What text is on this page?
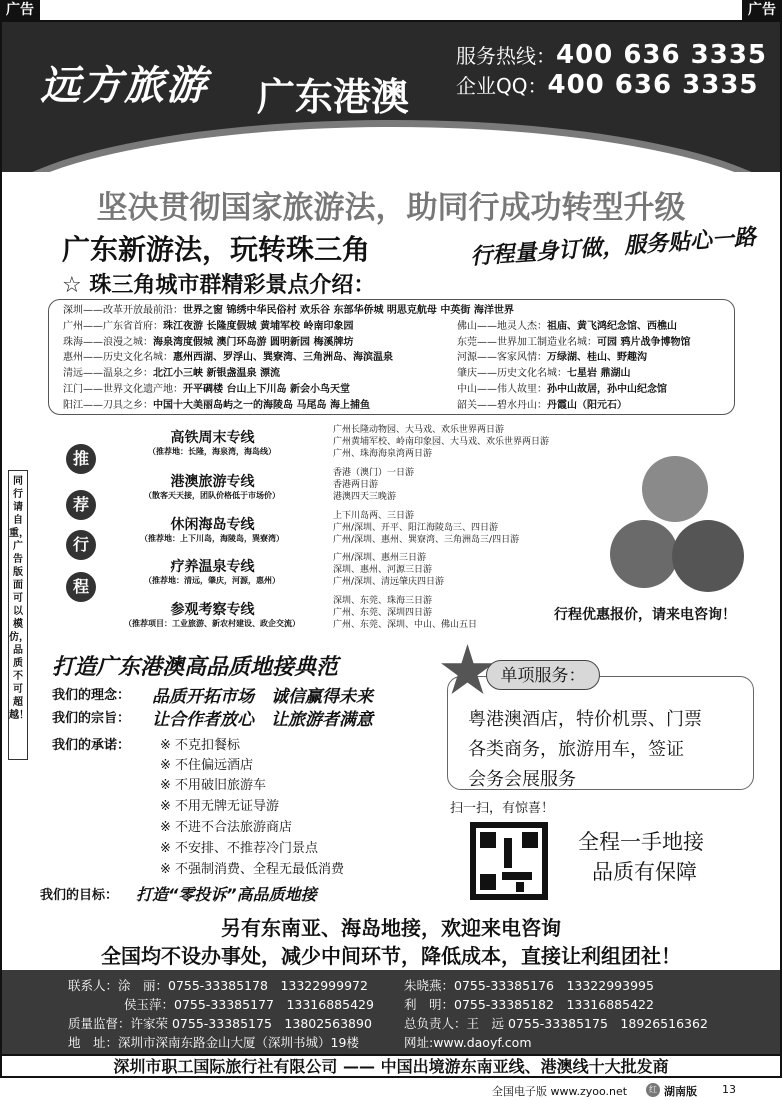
广告	广告
远方旅游 广东港澳
服务热线：400 636 3335
企业QQ：400 636 3335
坚决贯彻国家旅游法，助同行成功转型升级
广东新游法，玩转珠三角	行程量身订做，服务贴心一路
☆ 珠三角城市群精彩景点介绍：
深圳——改革开放最前沿：世界之窗 锦绣中华民俗村 欢乐谷 东部华侨城 明思克航母 中英街 海洋世界
广州——广东省首府：珠江夜游 长隆度假城 黄埔军校 岭南印象园
珠海——浪漫之城：海泉湾度假城 澳门环岛游 圆明新园 梅溪牌坊
惠州——历史文化名城：惠州西湖、罗浮山、巽寮湾、三角洲岛、海滨温泉
清远——温泉之乡：北江小三峡 新银盏温泉 漂流
江门——世界文化遗产地：开平碉楼 台山上下川岛 新会小鸟天堂
阳江——刀具之乡：中国十大美丽岛屿之一的海陵岛 马尾岛 海上捕鱼
佛山——地灵人杰：祖庙、黄飞鸿纪念馆、西樵山
东莞——世界加工制造业名城：可园 鸦片战争博物馆
河源——客家风情：万绿湖、桂山、野趣沟
肇庆——历史文化名城：七星岩 鼎湖山
中山——伟人故里：孙中山故居，孙中山纪念馆
韶关——碧水丹山：丹霞山（阳元石）
推
荐
行
程
高铁周末专线
（推荐地：长隆，海泉湾，海岛线）
广州长隆动物园、大马戏、欢乐世界两日游
广州黄埔军校、岭南印象园、大马戏、欢乐世界两日游
广州、珠海海泉湾两日游
港澳旅游专线
（散客天天接，团队价格低于市场价）
香港（澳门）一日游
香港两日游
港澳四天三晚游
休闲海岛专线
（推荐地：上下川岛，海陵岛，巽寮湾）
上下川岛两、三日游
广州/深圳、开平、阳江海陵岛三、四日游
广州/深圳、惠州、巽寮湾、三角洲岛三/四日游
疗养温泉专线
（推荐地：清远，肇庆，河源，惠州）
广州/深圳、惠州三日游
深圳、惠州、河源三日游
广州/深圳、清远肇庆四日游
参观考察专线
（推荐项目：工业旅游、新农村建设、政企交流）
深圳、东莞、珠海三日游
广州、东莞、深圳四日游
广州、东莞、深圳、中山、佛山五日
同行请自重，广告版面可以模仿，品质不可超越！
行程优惠报价，请来电咨询！
打造广东港澳高品质地接典范
我们的理念： 品质开拓市场　诚信赢得未来
我们的宗旨： 让合作者放心　让旅游者满意
我们的承诺： ※ 不克扣餐标
※ 不住偏远酒店
※ 不用破旧旅游车
※ 不用无牌无证导游
※ 不进不合法旅游商店
※ 不安排、不推荐冷门景点
※ 不强制消费、全程无最低消费
我们的目标： 打造“零投诉”高品质地接
粤港澳酒店，特价机票、门票
各类商务，旅游用车，签证
会务会展服务
单项服务：
扫一扫，有惊喜！
全程一手地接
品质有保障
另有东南亚、海岛地接，欢迎来电咨询
全国均不设办事处，减少中间环节，降低成本，直接让利组团社！
联系人：涂　丽：0755-33385178　13322999972	朱晓燕：0755-33385176　13322993995
侯玉萍：0755-33385177　13316885429 利　明：0755-33385182　13316885422
质量监督：许家荣 0755-33385175　13802563890	总负责人：王　远 0755-33385175　18926516362
地　址：深圳市深南东路金山大厦（深圳书城）19楼	网址:www.daoyf.com
深圳市职工国际旅行社有限公司 —— 中国出境游东南亚线、港澳线十大批发商
全国电子版 www.zyoo.net	红 湖南版 13
